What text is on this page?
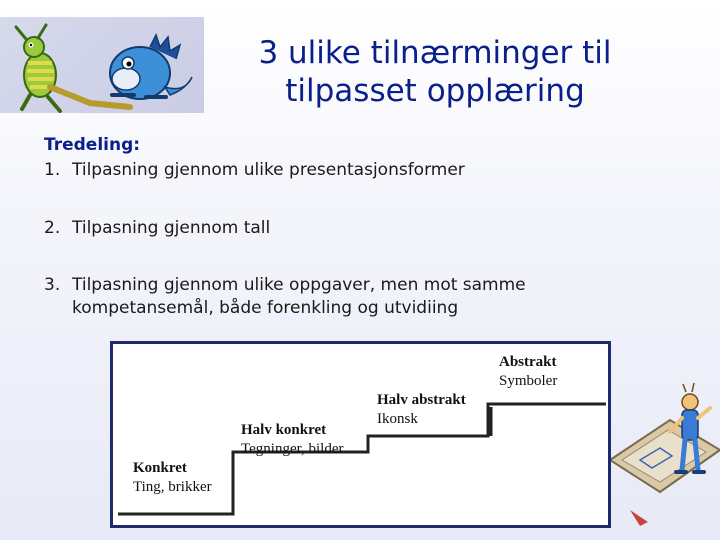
3 ulike tilnærminger til
tilpasset opplæring
Tredeling:
1. Tilpasning gjennom ulike presentasjonsformer
2. Tilpasning gjennom tall
3. Tilpasning gjennom ulike oppgaver, men mot samme kompetansemål, både forenkling og utvidiing
Konkret
Ting, brikker
Halv konkret
Tegninger, bilder
Halv abstrakt
Ikonsk
Abstrakt
Symboler
